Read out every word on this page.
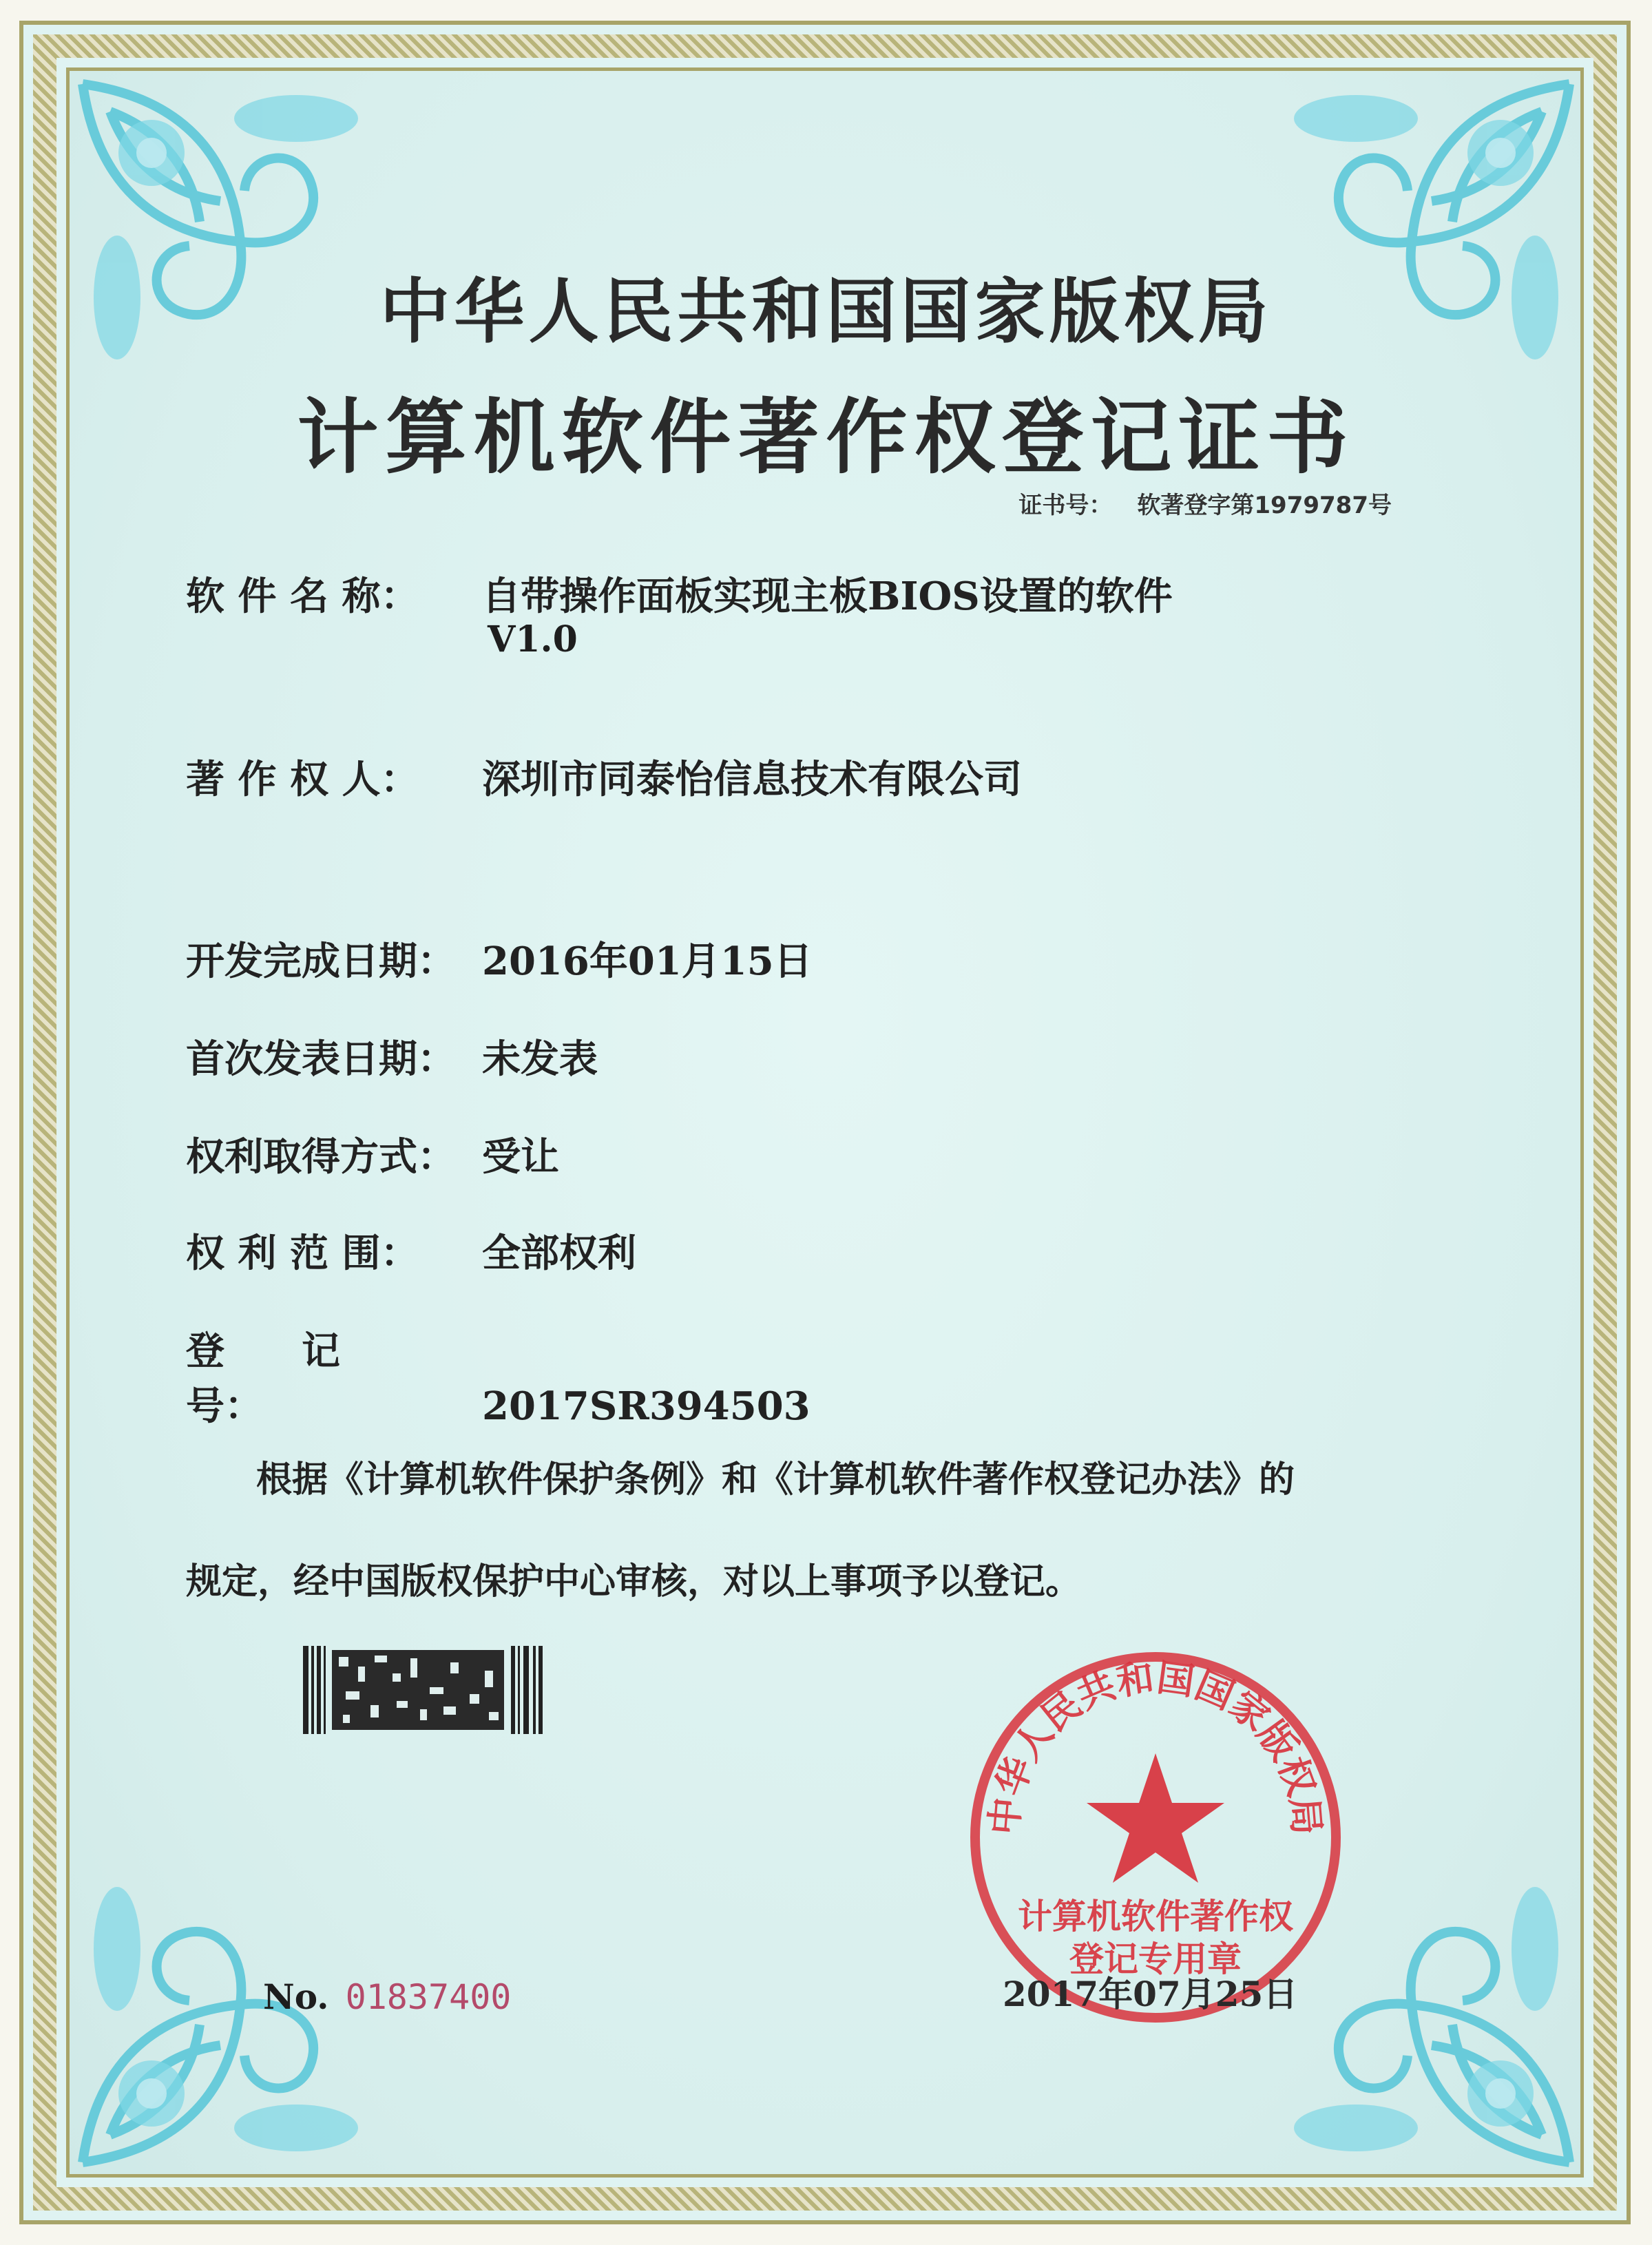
中华人民共和国国家版权局
计算机软件著作权登记证书
证书号： 软著登字第1979787号
软 件 名 称： 自带操作面板实现主板BIOS设置的软件
V1.0
著 作 权 人： 深圳市同泰怡信息技术有限公司
开发完成日期： 2016年01月15日
首次发表日期： 未发表
权利取得方式： 受让
权 利 范 围： 全部权利
登　　记　　号：	2017SR394503
根据《计算机软件保护条例》和《计算机软件著作权登记办法》的
规定，经中国版权保护中心审核，对以上事项予以登记。
No. 01837400
中华人民共和国国家版权局
计算机软件著作权
登记专用章
2017年07月25日
